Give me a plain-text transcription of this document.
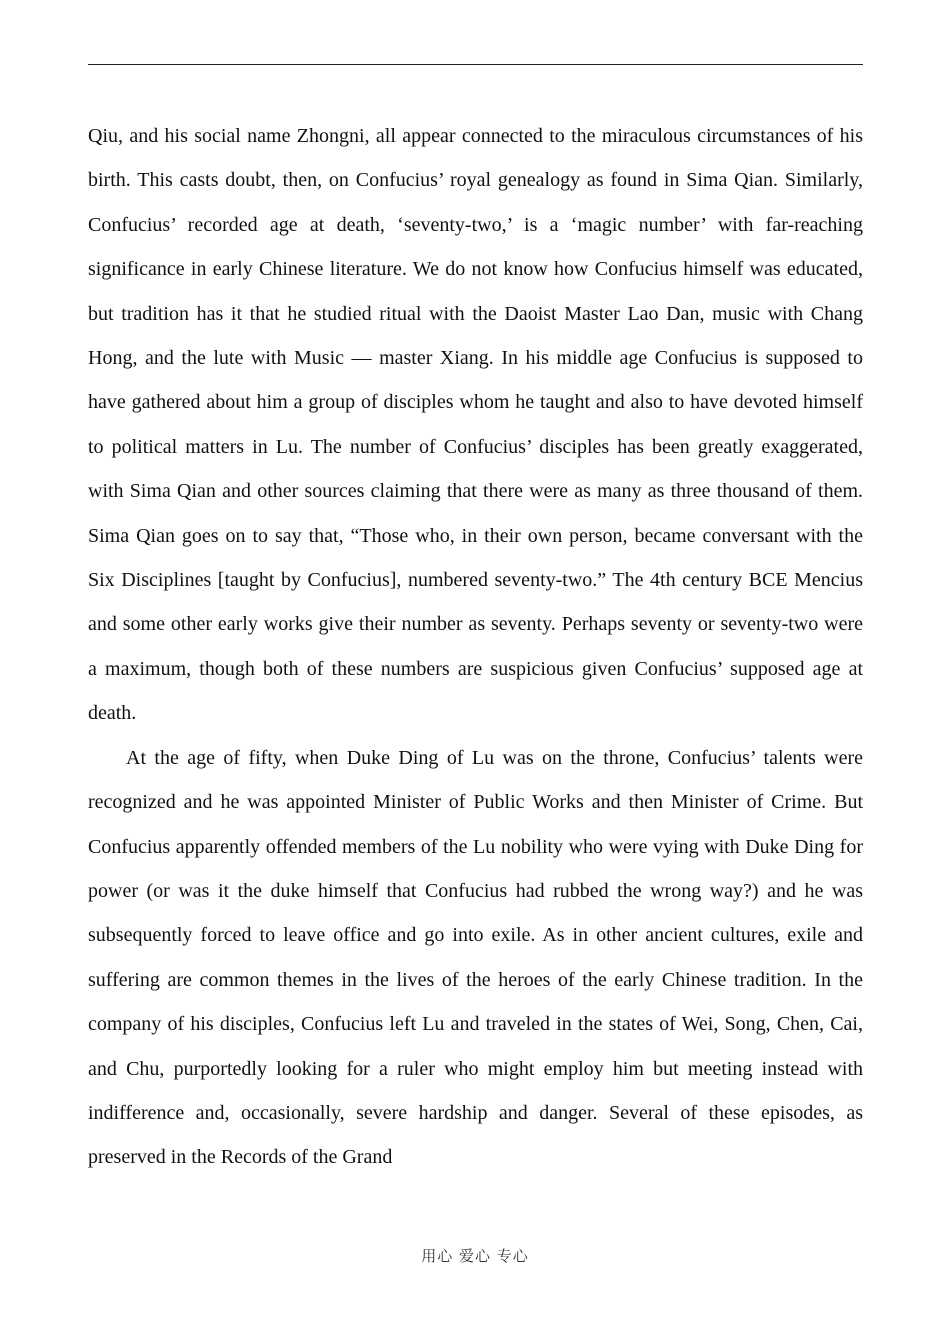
Qiu, and his social name Zhongni, all appear connected to the miraculous circumstances of his birth. This casts doubt, then, on Confucius’ royal genealogy as found in Sima Qian. Similarly, Confucius’ recorded age at death, ‘seventy-two,’ is a ‘magic number’ with far-reaching significance in early Chinese literature. We do not know how Confucius himself was educated, but tradition has it that he studied ritual with the Daoist Master Lao Dan, music with Chang Hong, and the lute with Music — master Xiang. In his middle age Confucius is supposed to have gathered about him a group of disciples whom he taught and also to have devoted himself to political matters in Lu. The number of Confucius’ disciples has been greatly exaggerated, with Sima Qian and other sources claiming that there were as many as three thousand of them. Sima Qian goes on to say that, “Those who, in their own person, became conversant with the Six Disciplines [taught by Confucius], numbered seventy-two.” The 4th century BCE Mencius and some other early works give their number as seventy. Perhaps seventy or seventy-two were a maximum, though both of these numbers are suspicious given Confucius’ supposed age at death.

At the age of fifty, when Duke Ding of Lu was on the throne, Confucius’ talents were recognized and he was appointed Minister of Public Works and then Minister of Crime. But Confucius apparently offended members of the Lu nobility who were vying with Duke Ding for power (or was it the duke himself that Confucius had rubbed the wrong way?) and he was subsequently forced to leave office and go into exile. As in other ancient cultures, exile and suffering are common themes in the lives of the heroes of the early Chinese tradition. In the company of his disciples, Confucius left Lu and traveled in the states of Wei, Song, Chen, Cai, and Chu, purportedly looking for a ruler who might employ him but meeting instead with indifference and, occasionally, severe hardship and danger. Several of these episodes, as preserved in the Records of the Grand

用心 爱心 专心
